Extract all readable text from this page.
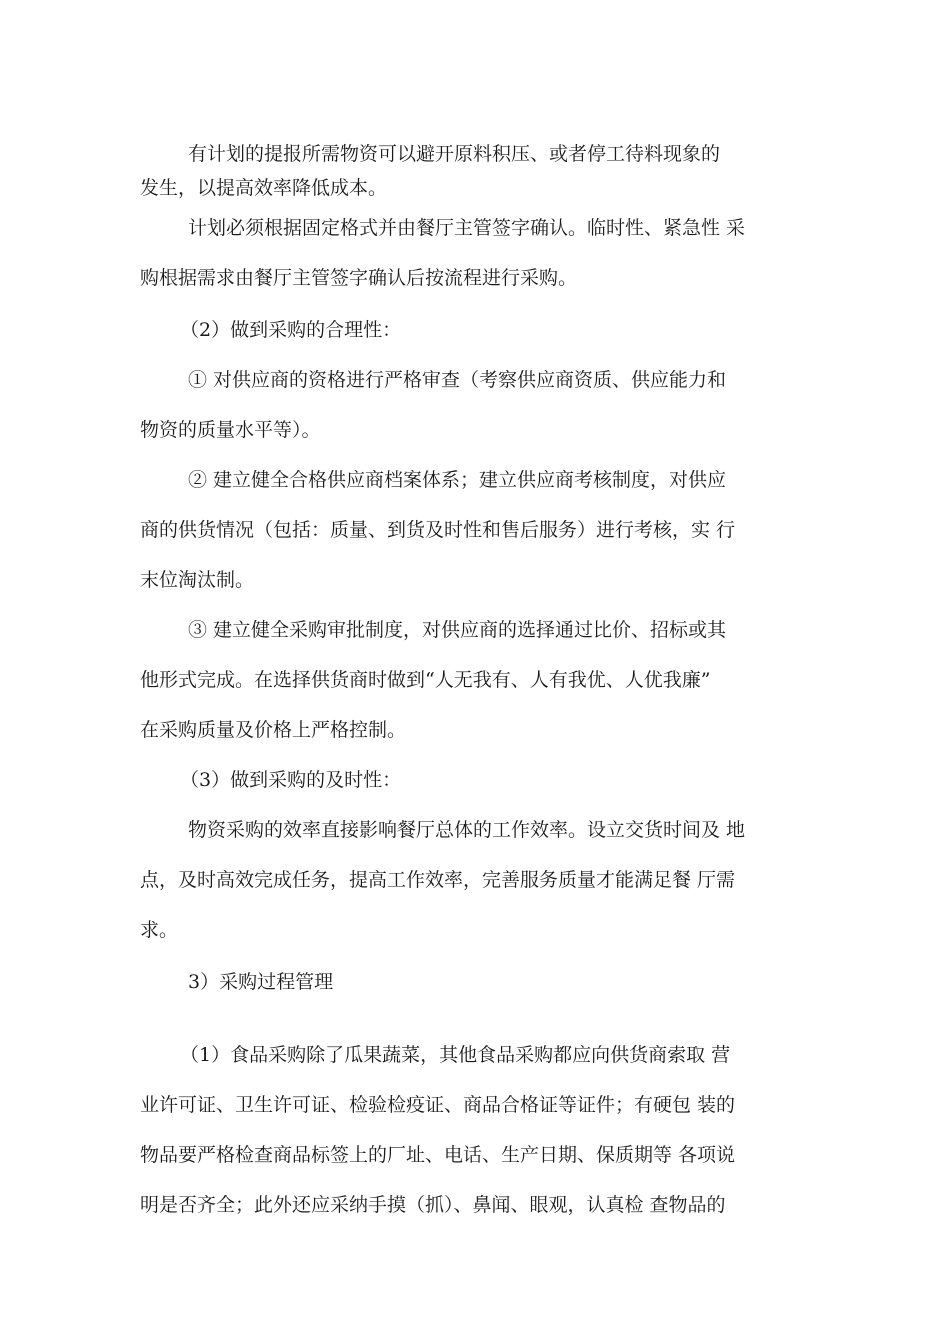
有计划的提报所需物资可以避开原料积压、或者停工待料现象的
发生，以提高效率降低成本。
计划必须根据固定格式并由餐厅主管签字确认。临时性、紧急性 采
购根据需求由餐厅主管签字确认后按流程进行采购。
（2）做到采购的合理性：
① 对供应商的资格进行严格审查（考察供应商资质、供应能力和
物资的质量水平等）。
② 建立健全合格供应商档案体系；建立供应商考核制度，对供应
商的供货情况（包括：质量、到货及时性和售后服务）进行考核，实 行
末位淘汰制。
③ 建立健全采购审批制度，对供应商的选择通过比价、招标或其
他形式完成。在选择供货商时做到“人无我有、人有我优、人优我廉”
在采购质量及价格上严格控制。
（3）做到采购的及时性：
物资采购的效率直接影响餐厅总体的工作效率。设立交货时间及 地
点，及时高效完成任务，提高工作效率，完善服务质量才能满足餐 厅需
求。
3）采购过程管理
（1）食品采购除了瓜果蔬菜，其他食品采购都应向供货商索取 营
业许可证、卫生许可证、检验检疫证、商品合格证等证件；有硬包 装的
物品要严格检查商品标签上的厂址、电话、生产日期、保质期等 各项说
明是否齐全；此外还应采纳手摸（抓）、鼻闻、眼观，认真检 查物品的
